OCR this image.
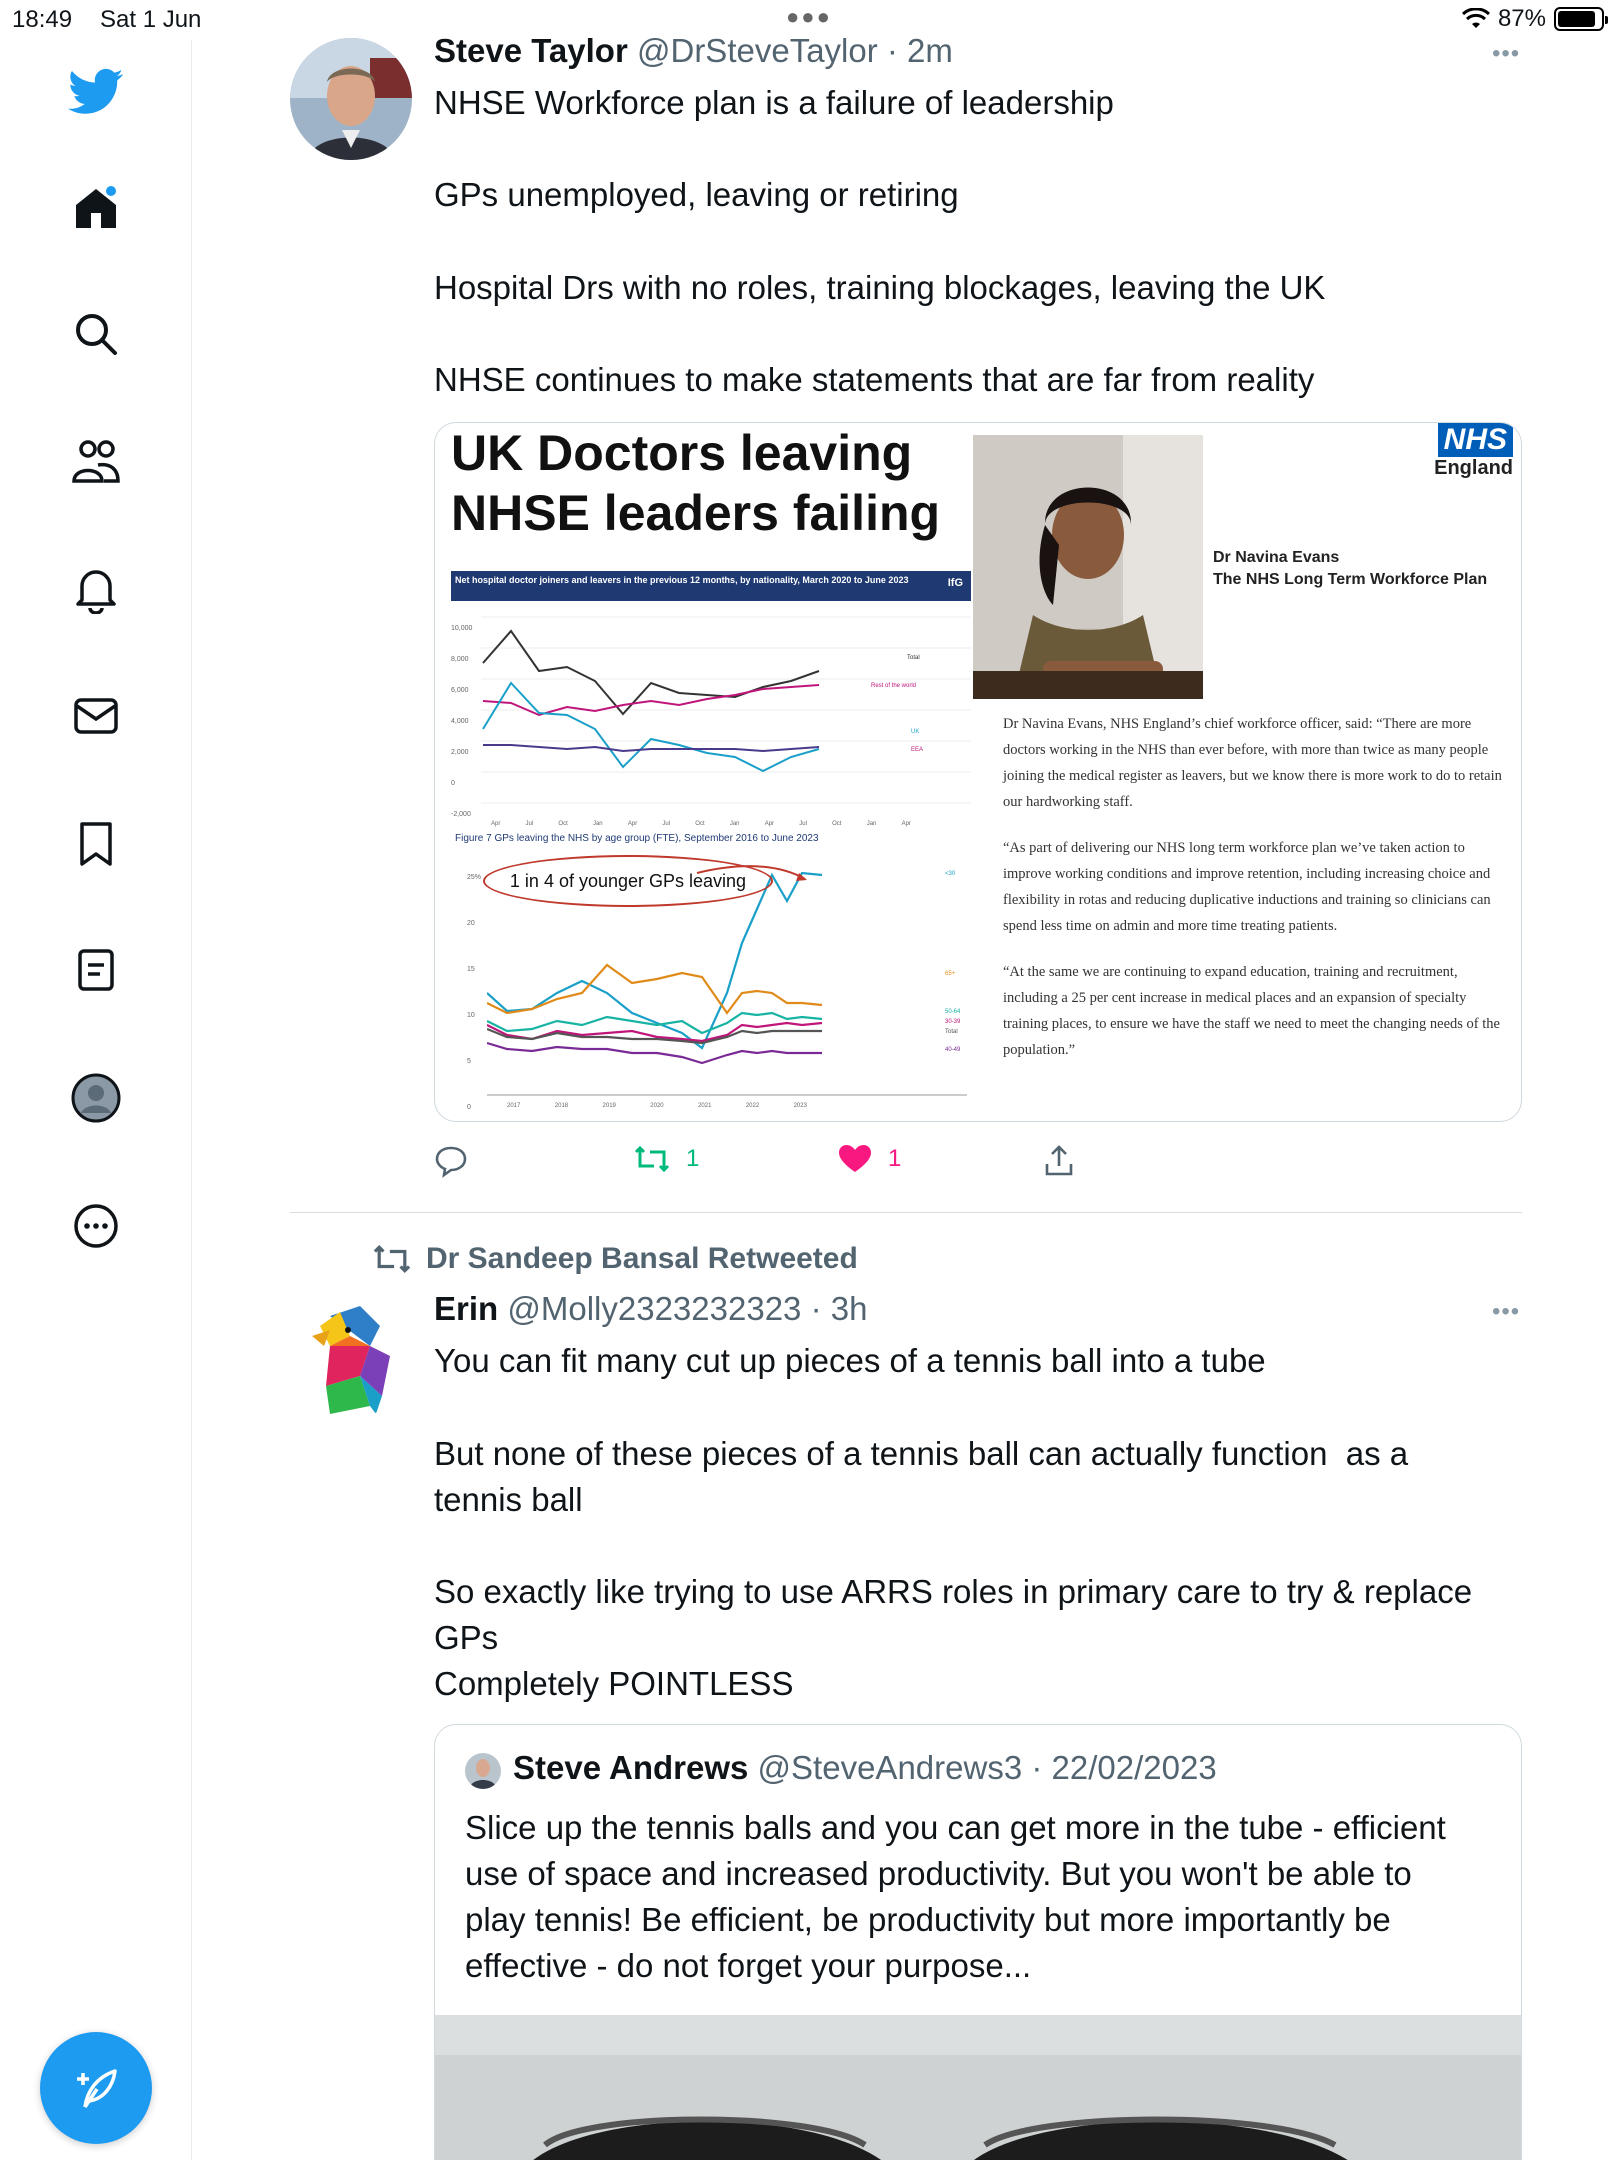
18:49 Sat 1 Jun	●●●	87%
Steve Taylor @DrSteveTaylor · 2m	•••
NHSE Workforce plan is a failure of leadership
GPs unemployed, leaving or retiring
Hospital Drs with no roles, training blockages, leaving the UK
NHSE continues to make statements that are far from reality
UK Doctors leaving
NHSE leaders failing
NHS
England
Dr Navina Evans
The NHS Long Term Workforce Plan

Dr Navina Evans, NHS England’s chief workforce officer, said: “There are more doctors working in the NHS than ever before, with more than twice as many people joining the medical register as leavers, but we know there is more work to do to retain our hardworking staff.

“As part of delivering our NHS long term workforce plan we’ve taken action to improve working conditions and improve retention, including increasing choice and flexibility in rotas and reducing duplicative inductions and training so clinicians can spend less time on admin and more time treating patients.

“At the same we are continuing to expand education, training and recruitment, including a 25 per cent increase in medical places and an expansion of specialty training places, to ensure we have the staff we need to meet the changing needs of the population.”

Net hospital doctor joiners and leavers in the previous 12 months, by nationality, March 2020 to June 2023	IfG
10,000
8,000
6,000
4,000
2,000
0
-2,000
Total
Rest of the world
UK
EEA
Apr	Jul	Oct	Jan	Apr	Jul	Oct	Jan	Apr	Jul	Oct	Jan	Apr
Figure 7 GPs leaving the NHS by age group (FTE), September 2016 to June 2023
25%
20
15
10
5
0
1 in 4 of younger GPs leaving	<30
65+
50-64
30-39
Total
40-49
2017	2018	2019	2020	2021	2022	2023
1	1
Dr Sandeep Bansal Retweeted
Erin @Molly2323232323 · 3h	•••
You can fit many cut up pieces of a tennis ball into a tube
But none of these pieces of a tennis ball can actually function  as a
tennis ball
So exactly like trying to use ARRS roles in primary care to try & replace
GPs
Completely POINTLESS
Steve Andrews @SteveAndrews3 · 22/02/2023
Slice up the tennis balls and you can get more in the tube - efficient
use of space and increased productivity. But you won't be able to
play tennis! Be efficient, be productivity but more importantly be
effective - do not forget your purpose...
